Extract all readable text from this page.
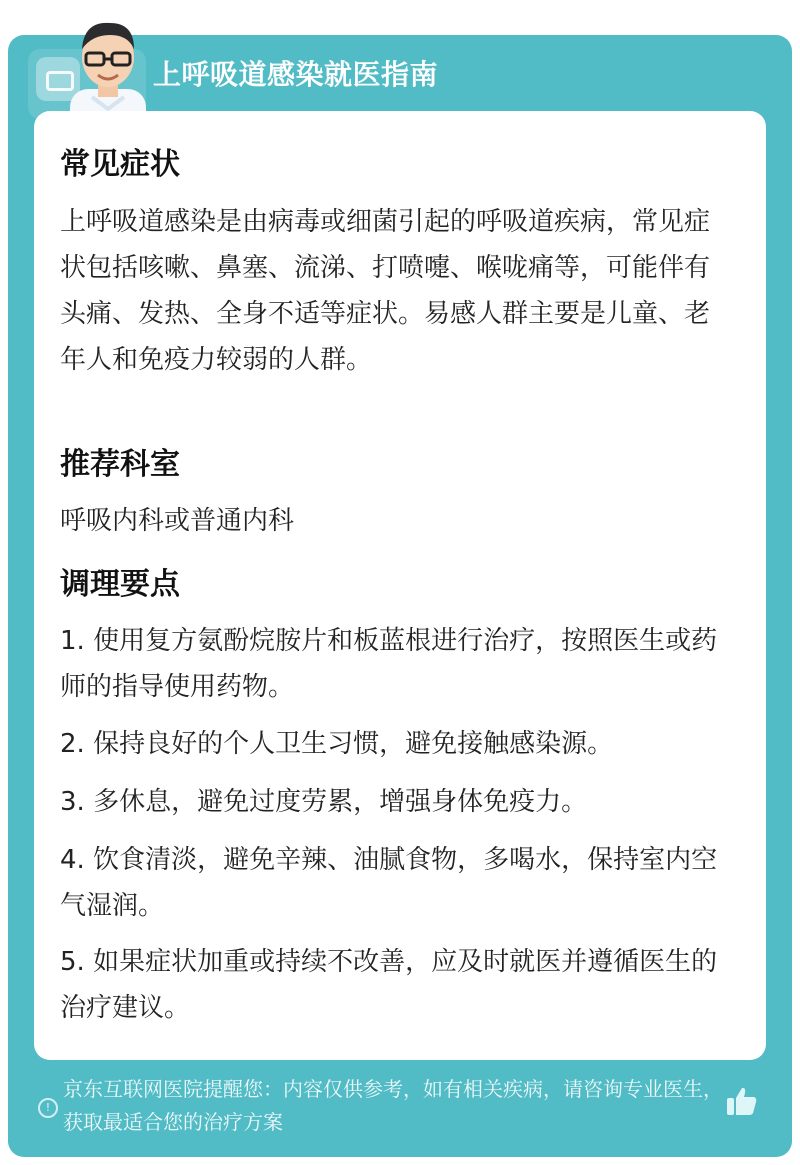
上呼吸道感染就医指南
常见症状
上呼吸道感染是由病毒或细菌引起的呼吸道疾病，常见症状包括咳嗽、鼻塞、流涕、打喷嚏、喉咙痛等，可能伴有头痛、发热、全身不适等症状。易感人群主要是儿童、老年人和免疫力较弱的人群。
推荐科室
呼吸内科或普通内科
调理要点
1. 使用复方氨酚烷胺片和板蓝根进行治疗，按照医生或药师的指导使用药物。
2. 保持良好的个人卫生习惯，避免接触感染源。
3. 多休息，避免过度劳累，增强身体免疫力。
4. 饮食清淡，避免辛辣、油腻食物，多喝水，保持室内空气湿润。
5. 如果症状加重或持续不改善，应及时就医并遵循医生的治疗建议。
!
京东互联网医院提醒您：内容仅供参考，如有相关疾病，请咨询专业医生，获取最适合您的治疗方案
